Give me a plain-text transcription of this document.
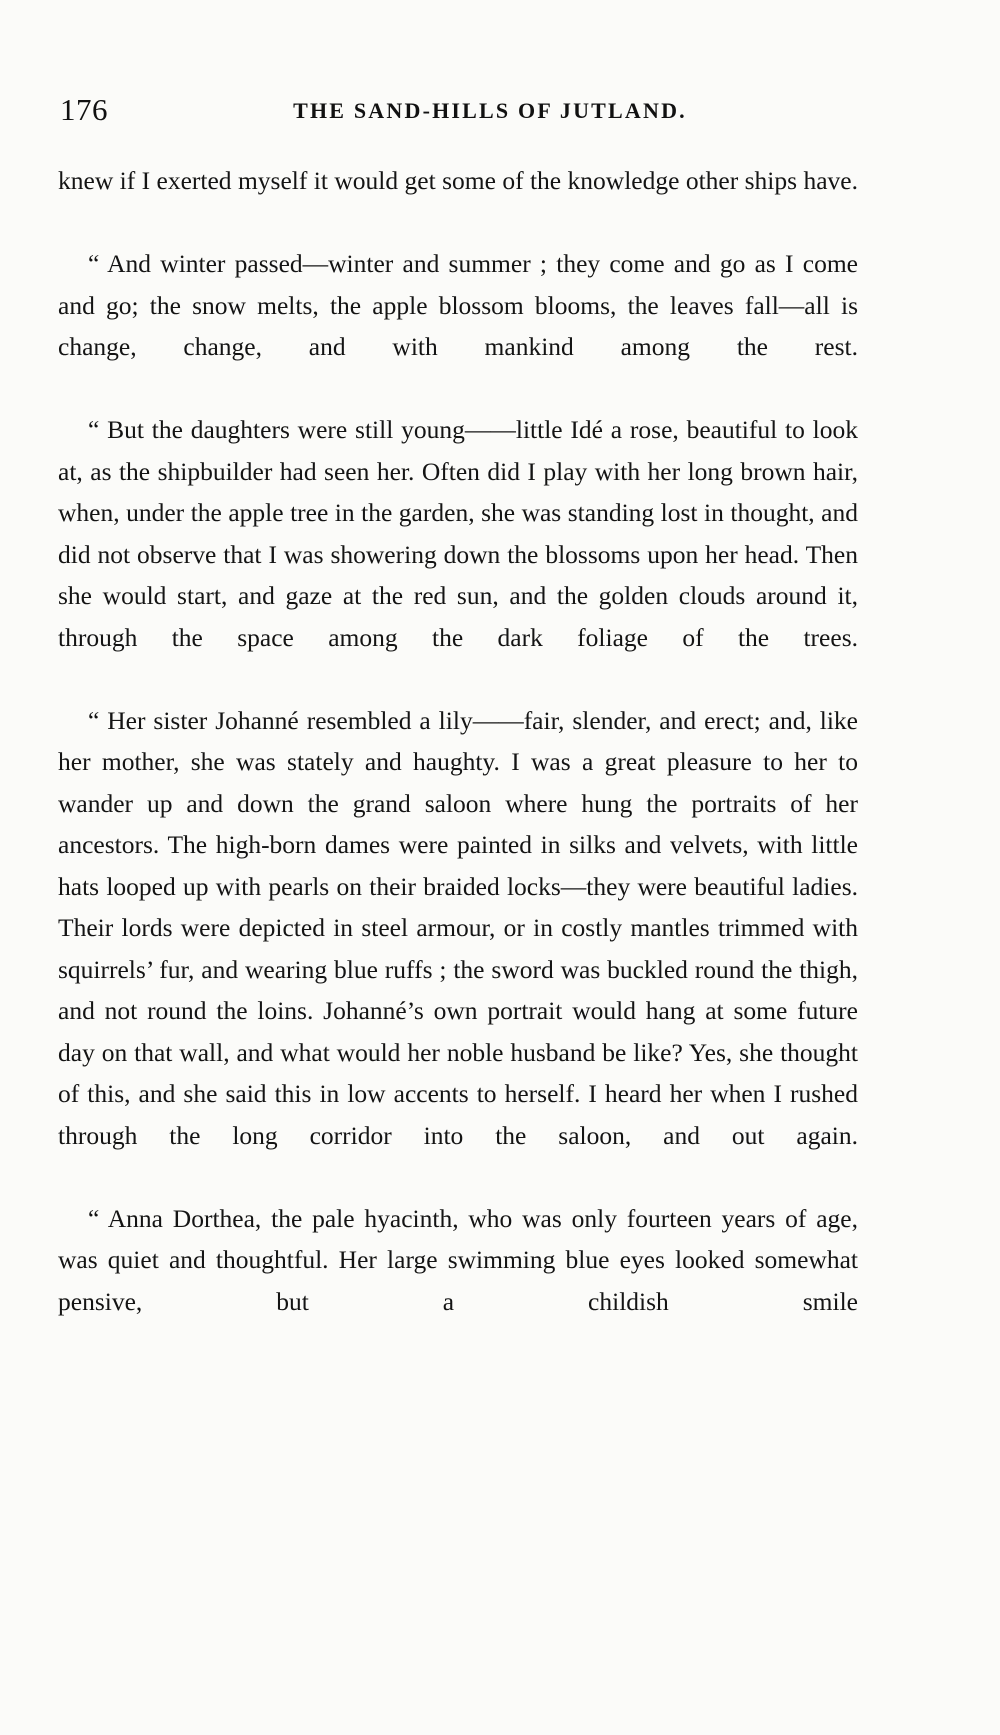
176	THE SAND-HILLS OF JUTLAND.

knew if I exerted myself it would get some of the knowledge other ships have.

“ And winter passed—winter and summer ; they come and go as I come and go; the snow melts, the apple blossom blooms, the leaves fall—all is change, change, and with mankind among the rest.

“ But the daughters were still young——little Idé a rose, beautiful to look at, as the shipbuilder had seen her. Often did I play with her long brown hair, when, under the apple tree in the garden, she was standing lost in thought, and did not observe that I was showering down the blossoms upon her head. Then she would start, and gaze at the red sun, and the golden clouds around it, through the space among the dark foliage of the trees.

“ Her sister Johanné resembled a lily——fair, slender, and erect; and, like her mother, she was stately and haughty. I was a great pleasure to her to wander up and down the grand saloon where hung the portraits of her ancestors. The high-born dames were painted in silks and velvets, with little hats looped up with pearls on their braided locks—they were beautiful ladies. Their lords were depicted in steel armour, or in costly mantles trimmed with squirrels’ fur, and wearing blue ruffs ; the sword was buckled round the thigh, and not round the loins. Johanné’s own portrait would hang at some future day on that wall, and what would her noble husband be like? Yes, she thought of this, and she said this in low accents to herself. I heard her when I rushed through the long corridor into the saloon, and out again.

“ Anna Dorthea, the pale hyacinth, who was only fourteen years of age, was quiet and thoughtful. Her large swimming blue eyes looked somewhat pensive, but a childish smile
